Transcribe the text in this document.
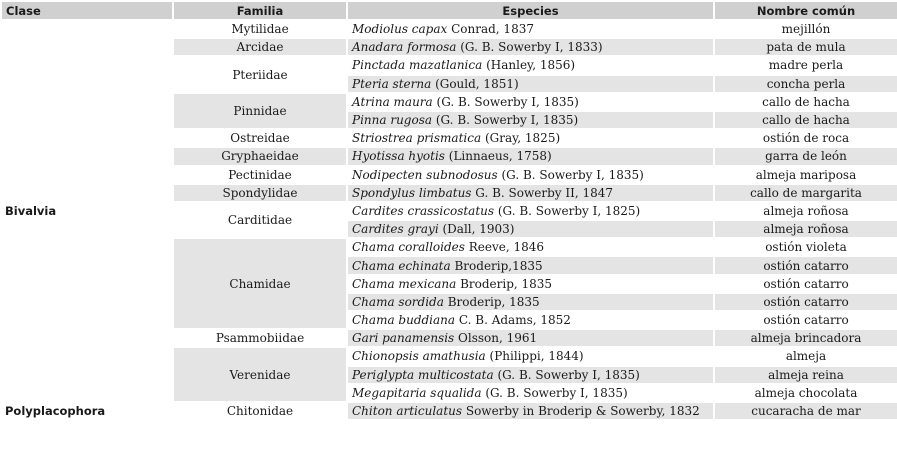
Clase	Familia	Especies	Nombre común
Bivalvia	Mytilidae	Modiolus capax Conrad, 1837	mejillón
	Arcidae	Anadara formosa (G. B. Sowerby I, 1833)	pata de mula
	Pteriidae	Pinctada mazatlanica (Hanley, 1856)	madre perla
		Pteria sterna (Gould, 1851)	concha perla
	Pinnidae	Atrina maura (G. B. Sowerby I, 1835)	callo de hacha
		Pinna rugosa (G. B. Sowerby I, 1835)	callo de hacha
	Ostreidae	Striostrea prismatica (Gray, 1825)	ostión de roca
	Gryphaeidae	Hyotissa hyotis (Linnaeus, 1758)	garra de león
	Pectinidae	Nodipecten subnodosus (G. B. Sowerby I, 1835)	almeja mariposa
	Spondylidae	Spondylus limbatus G. B. Sowerby II, 1847	callo de margarita
	Carditidae	Cardites crassicostatus (G. B. Sowerby I, 1825)	almeja roñosa
		Cardites grayi (Dall, 1903)	almeja roñosa
	Chamidae	Chama coralloides Reeve, 1846	ostión violeta
		Chama echinata Broderip,1835	ostión catarro
		Chama mexicana Broderip, 1835	ostión catarro
		Chama sordida Broderip, 1835	ostión catarro
		Chama buddiana C. B. Adams, 1852	ostión catarro
	Psammobiidae	Gari panamensis Olsson, 1961	almeja brincadora
	Verenidae	Chionopsis amathusia (Philippi, 1844)	almeja
		Periglypta multicostata (G. B. Sowerby I, 1835)	almeja reina
		Megapitaria squalida (G. B. Sowerby I, 1835)	almeja chocolata
Polyplacophora	Chitonidae	Chiton articulatus Sowerby in Broderip & Sowerby, 1832	cucaracha de mar
